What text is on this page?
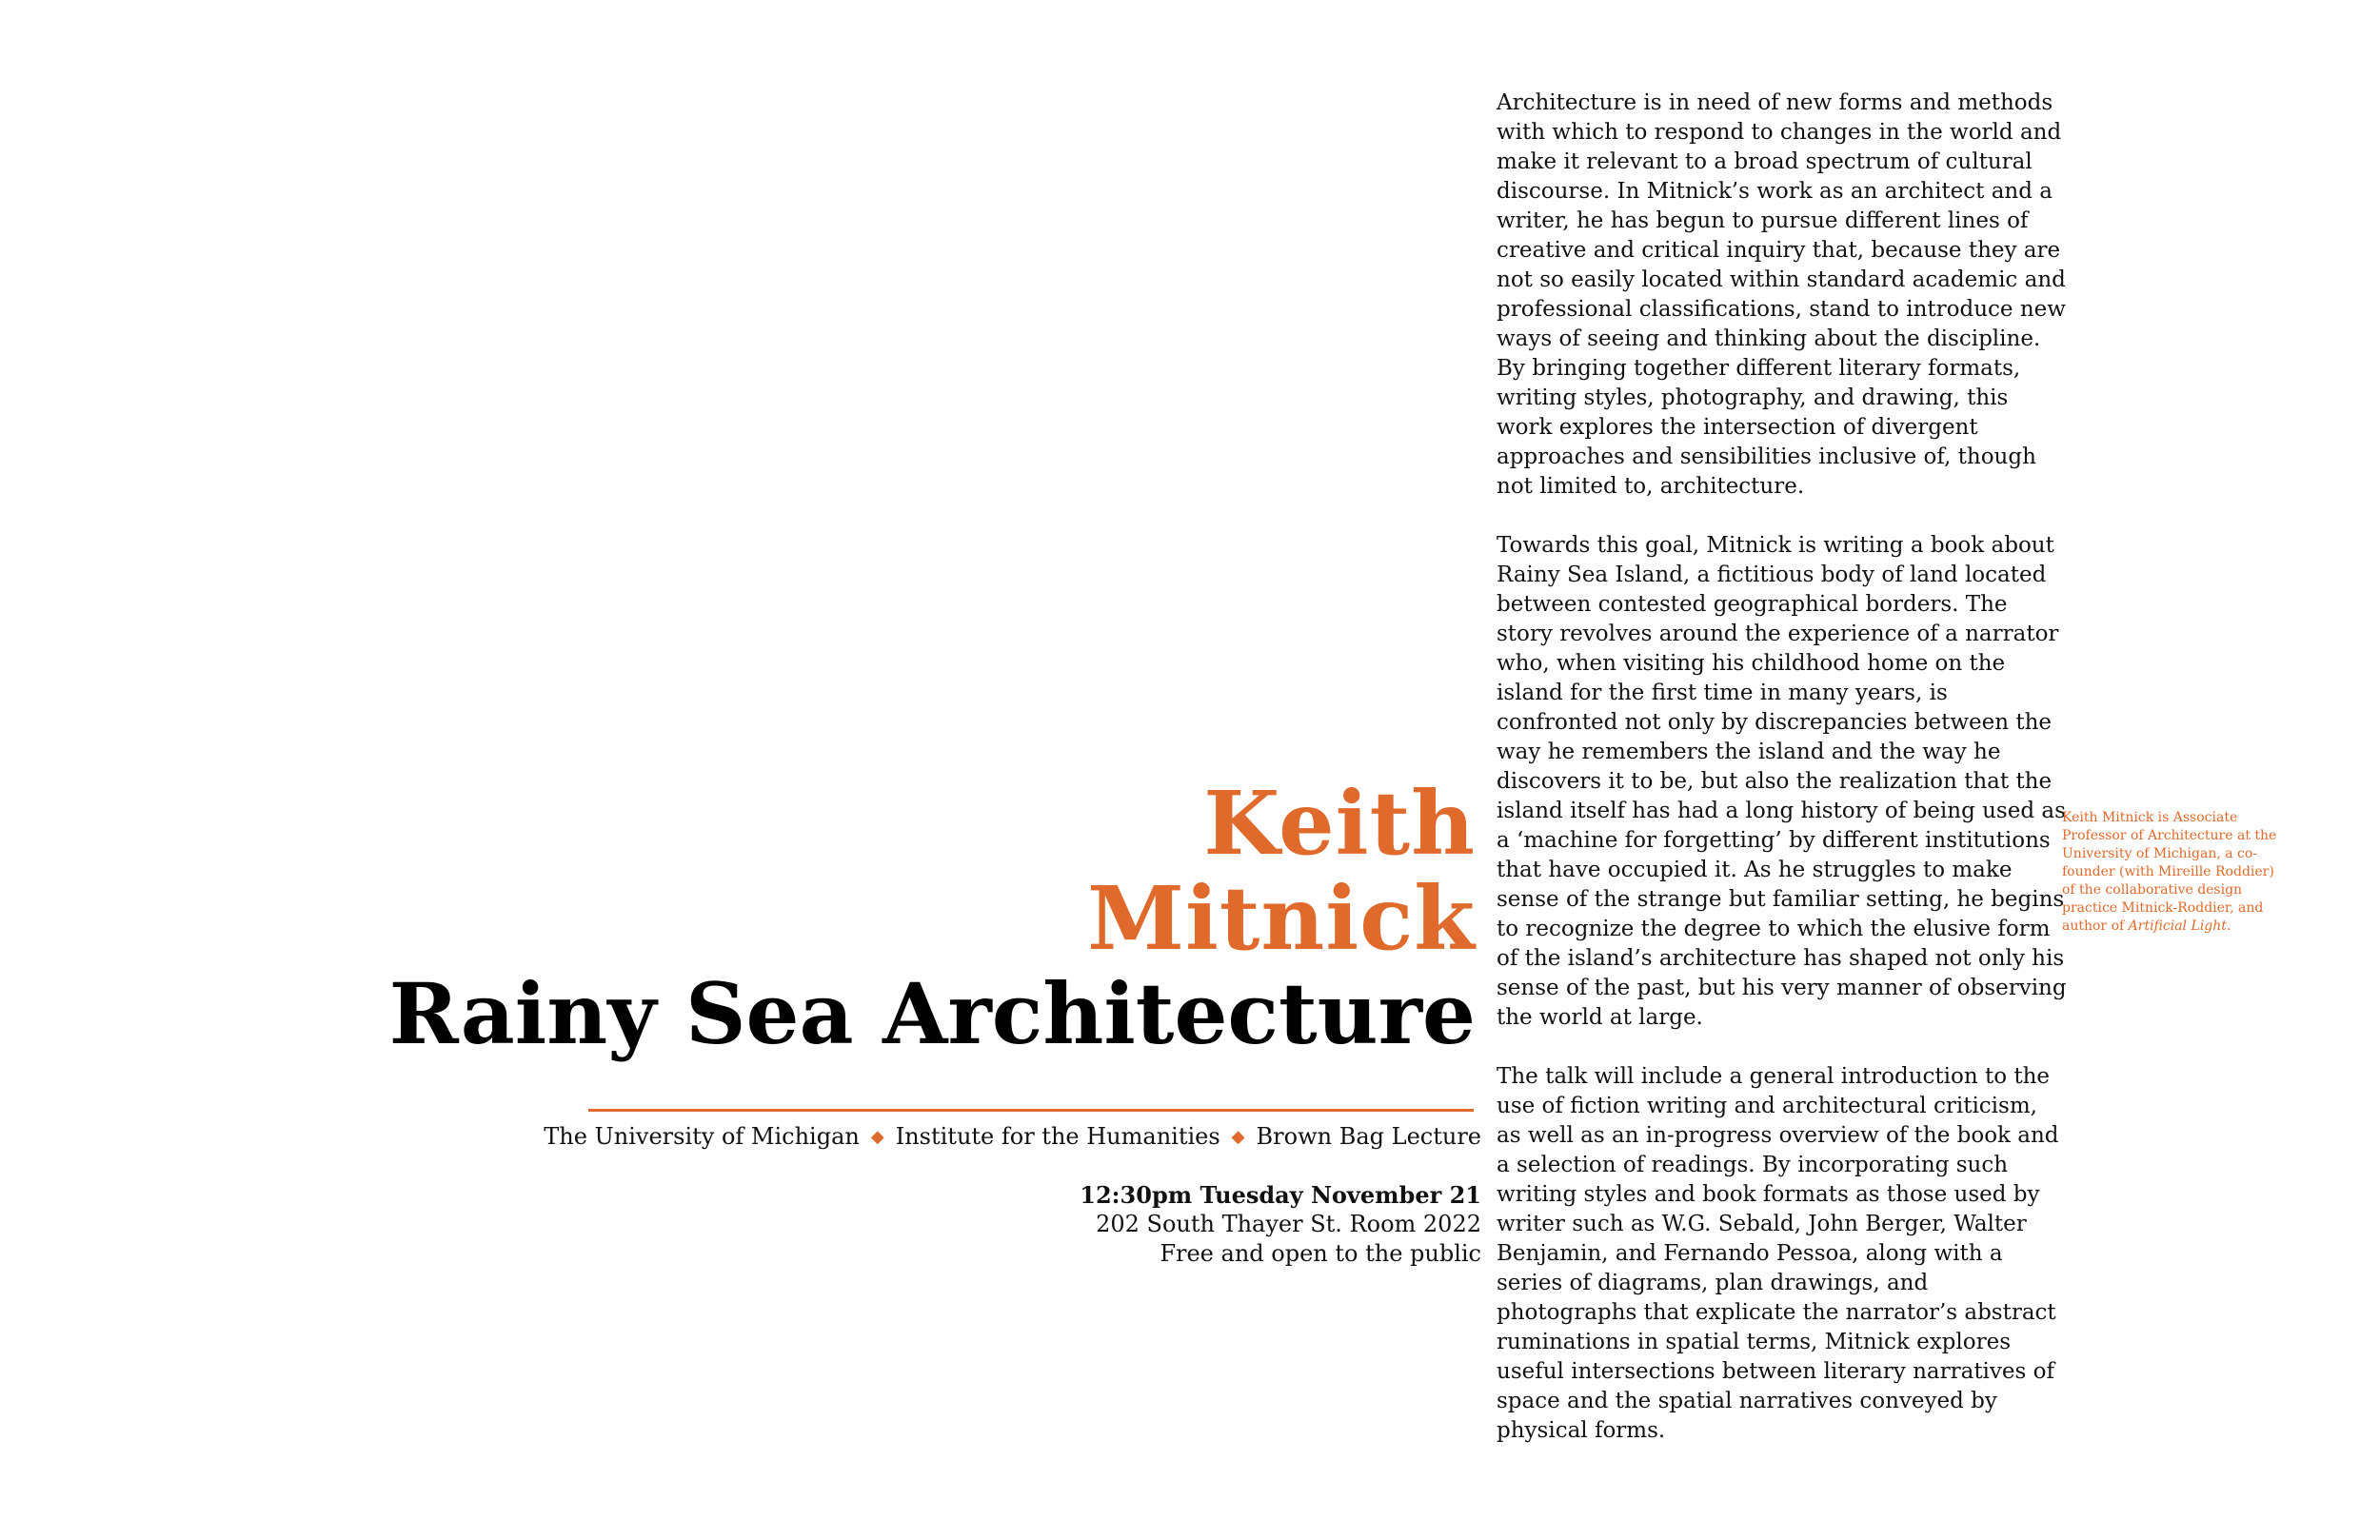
Keith
Mitnick
Rainy Sea Architecture
The University of Michigan ◆ Institute for the Humanities ◆ Brown Bag Lecture
12:30pm Tuesday November 21
202 South Thayer St. Room 2022
Free and open to the public

Architecture is in need of new forms and methods with which to respond to changes in the world and make it relevant to a broad spectrum of cultural discourse. In Mitnick’s work as an architect and a writer, he has begun to pursue different lines of creative and critical inquiry that, because they are not so easily located within standard academic and professional classifications, stand to introduce new ways of seeing and thinking about the discipline. By bringing together different literary formats, writing styles, photography, and drawing, this work explores the intersection of divergent approaches and sensibilities inclusive of, though not limited to, architecture.

Towards this goal, Mitnick is writing a book about Rainy Sea Island, a fictitious body of land located between contested geographical borders. The story revolves around the experience of a narrator who, when visiting his childhood home on the island for the first time in many years, is confronted not only by discrepancies between the way he remembers the island and the way he discovers it to be, but also the realization that the island itself has had a long history of being used as a ‘machine for forgetting’ by different institutions that have occupied it. As he struggles to make sense of the strange but familiar setting, he begins to recognize the degree to which the elusive form of the island’s architecture has shaped not only his sense of the past, but his very manner of observing the world at large.

The talk will include a general introduction to the use of fiction writing and architectural criticism, as well as an in-progress overview of the book and a selection of readings. By incorporating such writing styles and book formats as those used by writer such as W.G. Sebald, John Berger, Walter Benjamin, and Fernando Pessoa, along with a series of diagrams, plan drawings, and photographs that explicate the narrator’s abstract ruminations in spatial terms, Mitnick explores useful intersections between literary narratives of space and the spatial narratives conveyed by physical forms.

Keith Mitnick is Associate Professor of Architecture at the University of Michigan, a co-founder (with Mireille Roddier) of the collaborative design practice Mitnick-Roddier, and author of Artificial Light.
